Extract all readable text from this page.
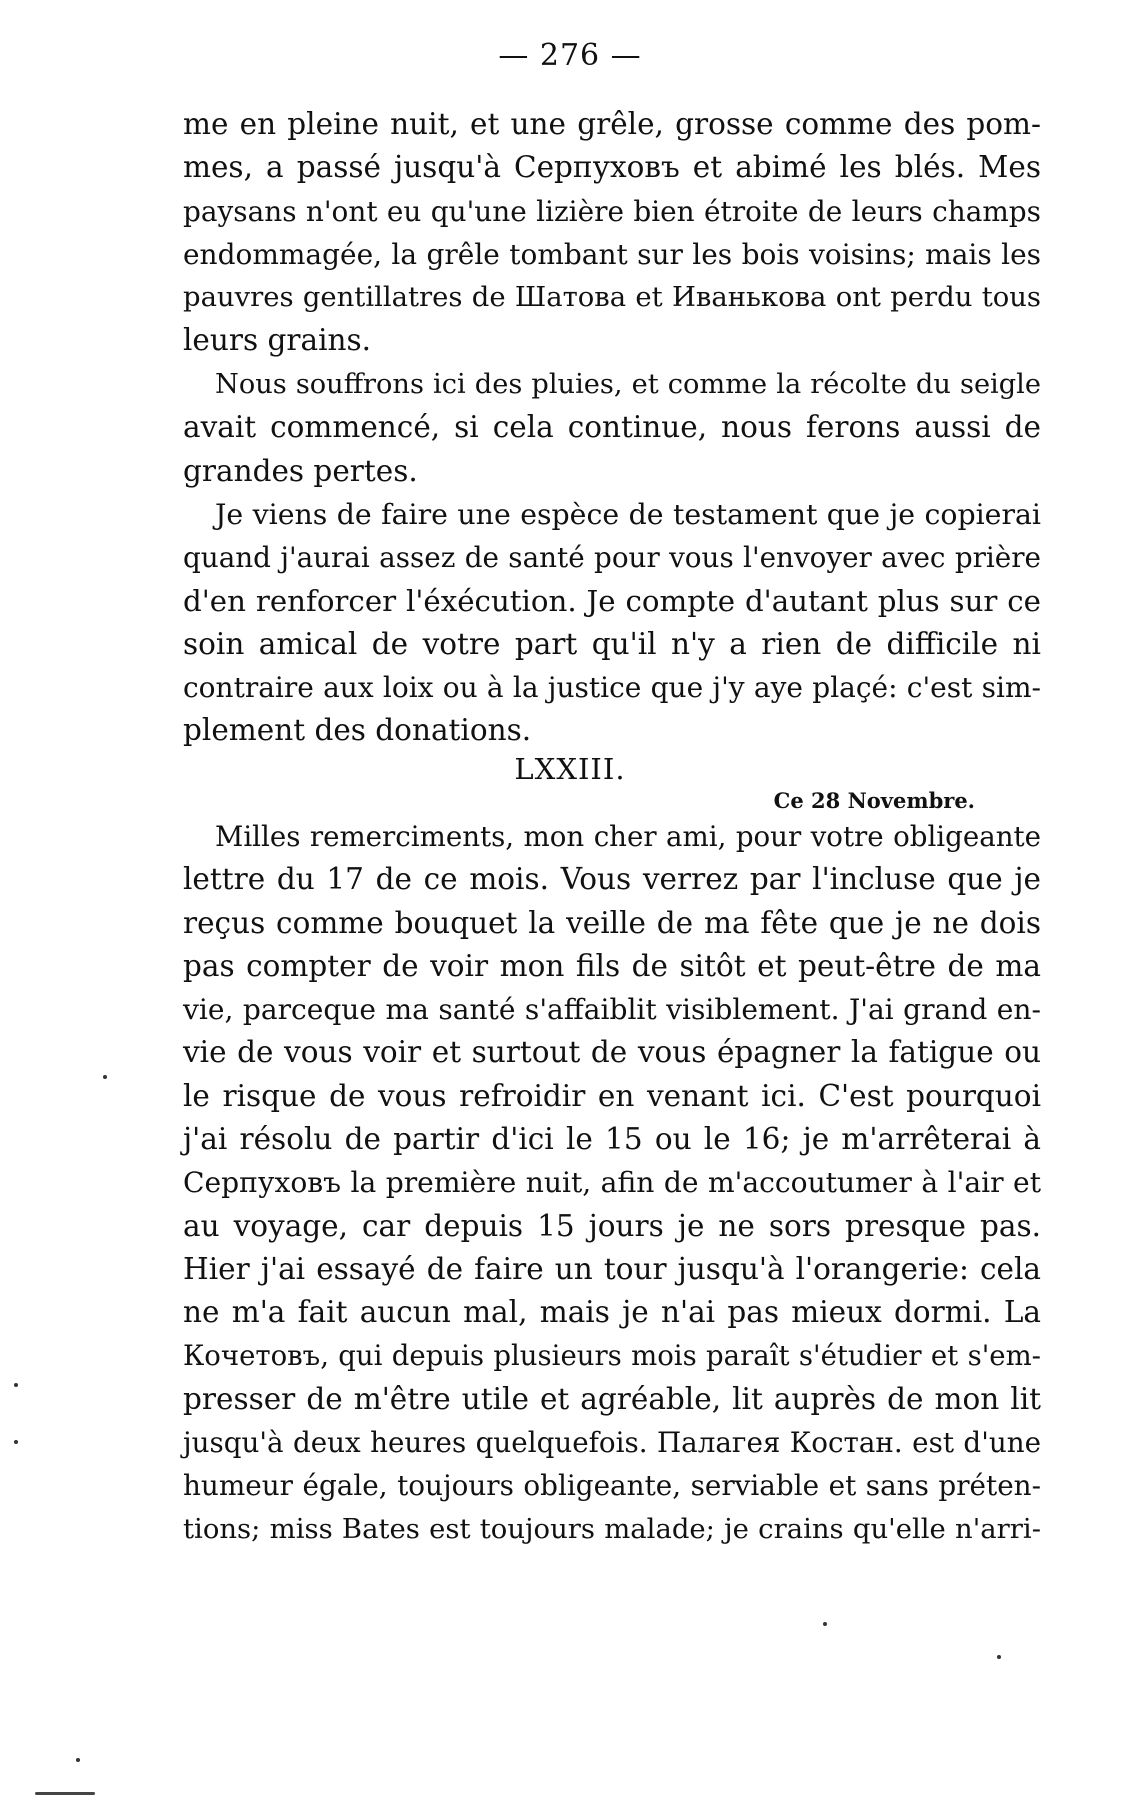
— 276 —
me en pleine nuit, et une grêle, grosse comme des pom-
mes, a passé jusqu'à Серпуховъ et abimé les blés. Mes
paysans n'ont eu qu'une lizière bien étroite de leurs champs
endommagée, la grêle tombant sur les bois voisins; mais les
pauvres gentillatres de Шатова et Иванькова ont perdu tous
leurs grains.
Nous souffrons ici des pluies, et comme la récolte du seigle
avait commencé, si cela continue, nous ferons aussi de
grandes pertes.
Je viens de faire une espèce de testament que je copierai
quand j'aurai assez de santé pour vous l'envoyer avec prière
d'en renforcer l'éxécution. Je compte d'autant plus sur ce
soin amical de votre part qu'il n'y a rien de difficile ni
contraire aux loix ou à la justice que j'y aye plaçé: c'est sim-
plement des donations.
LXXIII.
Ce 28 Novembre.
Milles remerciments, mon cher ami, pour votre obligeante
lettre du 17 de ce mois. Vous verrez par l'incluse que je
reçus comme bouquet la veille de ma fête que je ne dois
pas compter de voir mon fils de sitôt et peut-être de ma
vie, parceque ma santé s'affaiblit visiblement. J'ai grand en-
vie de vous voir et surtout de vous épagner la fatigue ou
le risque de vous refroidir en venant ici. C'est pourquoi
j'ai résolu de partir d'ici le 15 ou le 16; je m'arrêterai à
Серпуховъ la première nuit, afin de m'accoutumer à l'air et
au voyage, car depuis 15 jours je ne sors presque pas.
Hier j'ai essayé de faire un tour jusqu'à l'orangerie: cela
ne m'a fait aucun mal, mais je n'ai pas mieux dormi. La
Кочетовъ, qui depuis plusieurs mois paraît s'étudier et s'em-
presser de m'être utile et agréable, lit auprès de mon lit
jusqu'à deux heures quelquefois. Палагея Костан. est d'une
humeur égale, toujours obligeante, serviable et sans préten-
tions; miss Bates est toujours malade; je crains qu'elle n'arri-
